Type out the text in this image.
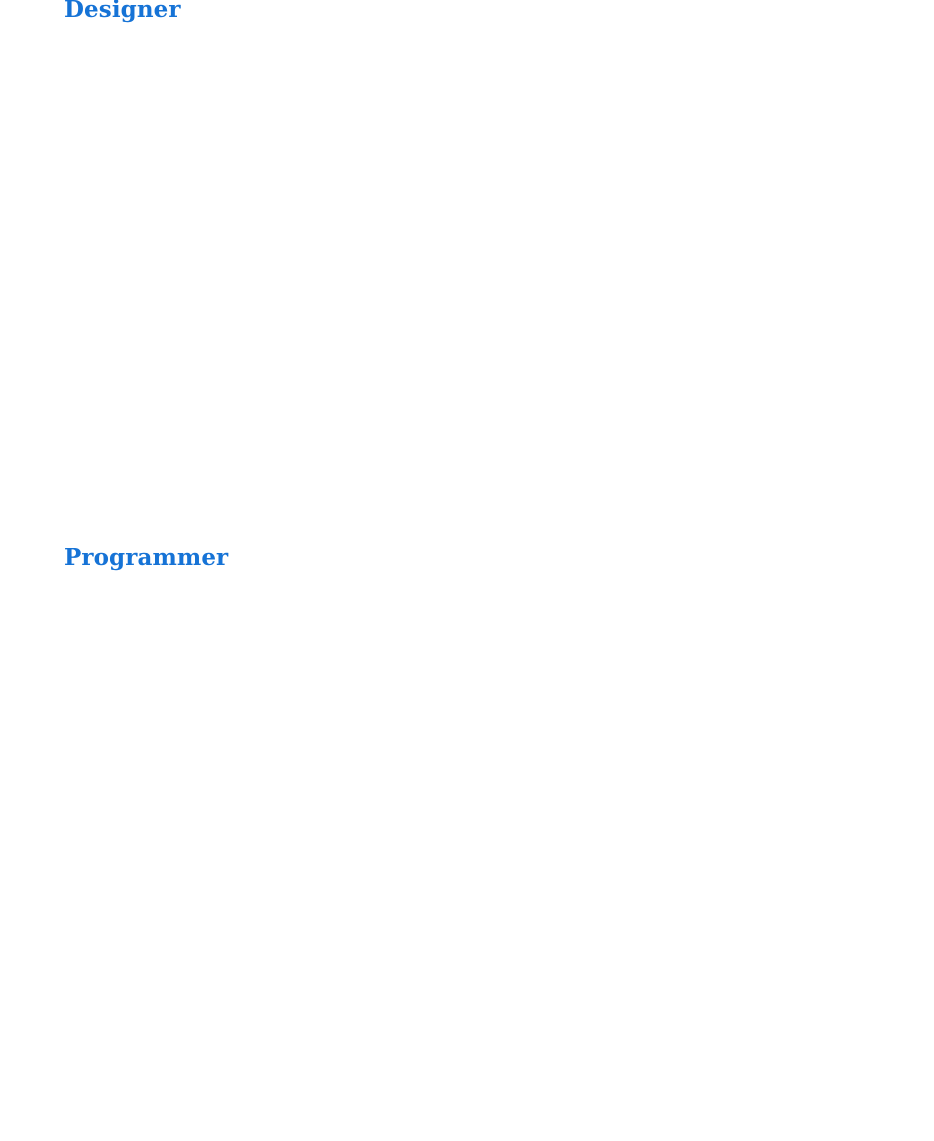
Designer
Programmer
